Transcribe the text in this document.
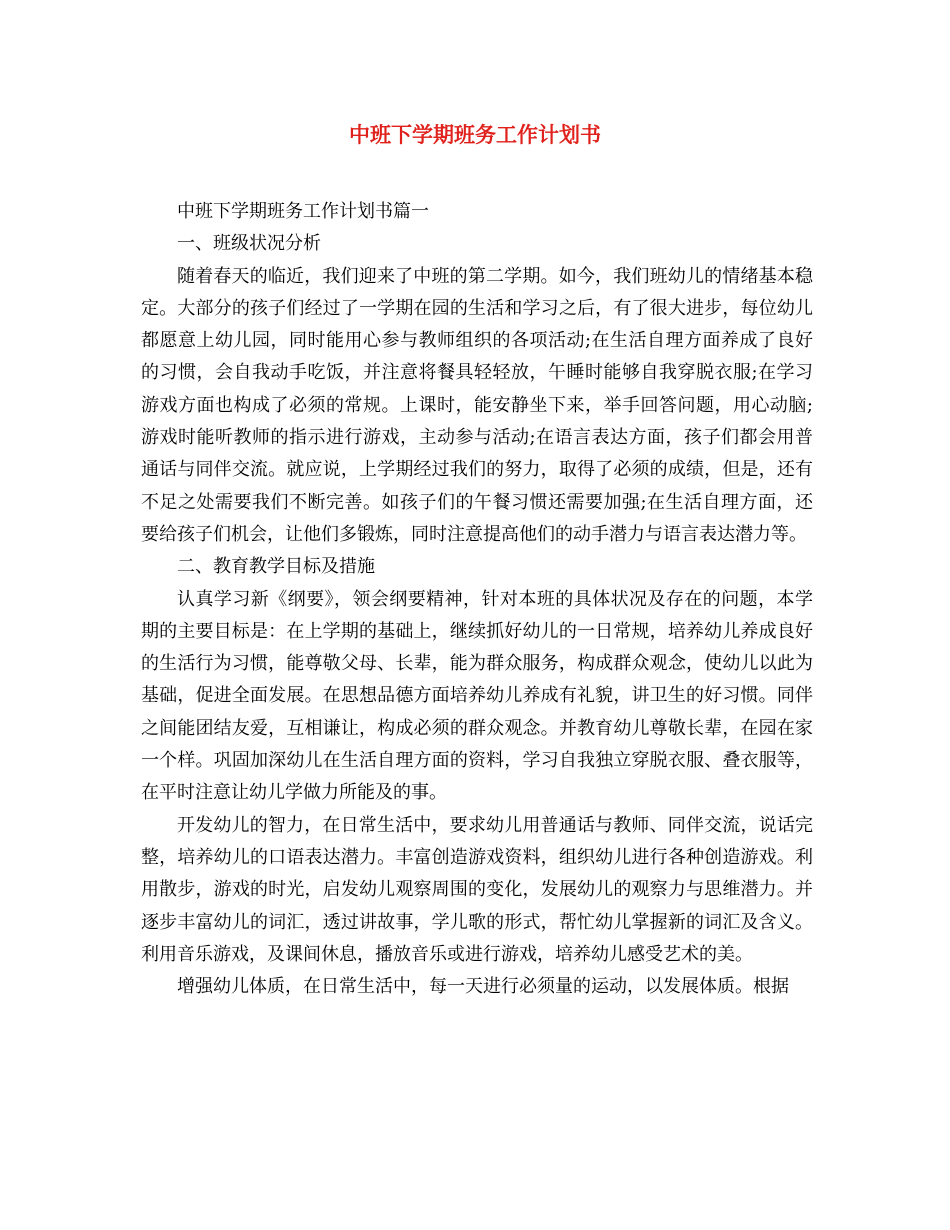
中班下学期班务工作计划书

中班下学期班务工作计划书篇一

一、班级状况分析

随着春天的临近，我们迎来了中班的第二学期。如今，我们班幼儿的情绪基本稳定。大部分的孩子们经过了一学期在园的生活和学习之后，有了很大进步，每位幼儿都愿意上幼儿园，同时能用心参与教师组织的各项活动;在生活自理方面养成了良好的习惯，会自我动手吃饭，并注意将餐具轻轻放，午睡时能够自我穿脱衣服;在学习游戏方面也构成了必须的常规。上课时，能安静坐下来，举手回答问题，用心动脑;游戏时能听教师的指示进行游戏，主动参与活动;在语言表达方面，孩子们都会用普通话与同伴交流。就应说，上学期经过我们的努力，取得了必须的成绩，但是，还有不足之处需要我们不断完善。如孩子们的午餐习惯还需要加强;在生活自理方面，还要给孩子们机会，让他们多锻炼，同时注意提高他们的动手潜力与语言表达潜力等。

二、教育教学目标及措施

认真学习新《纲要》，领会纲要精神，针对本班的具体状况及存在的问题，本学期的主要目标是：在上学期的基础上，继续抓好幼儿的一日常规，培养幼儿养成良好的生活行为习惯，能尊敬父母、长辈，能为群众服务，构成群众观念，使幼儿以此为基础，促进全面发展。在思想品德方面培养幼儿养成有礼貌，讲卫生的好习惯。同伴之间能团结友爱，互相谦让，构成必须的群众观念。并教育幼儿尊敬长辈，在园在家一个样。巩固加深幼儿在生活自理方面的资料，学习自我独立穿脱衣服、叠衣服等，在平时注意让幼儿学做力所能及的事。

开发幼儿的智力，在日常生活中，要求幼儿用普通话与教师、同伴交流，说话完整，培养幼儿的口语表达潜力。丰富创造游戏资料，组织幼儿进行各种创造游戏。利用散步，游戏的时光，启发幼儿观察周围的变化，发展幼儿的观察力与思维潜力。并逐步丰富幼儿的词汇，透过讲故事，学儿歌的形式，帮忙幼儿掌握新的词汇及含义。利用音乐游戏，及课间休息，播放音乐或进行游戏，培养幼儿感受艺术的美。

增强幼儿体质，在日常生活中，每一天进行必须量的运动，以发展体质。根据
